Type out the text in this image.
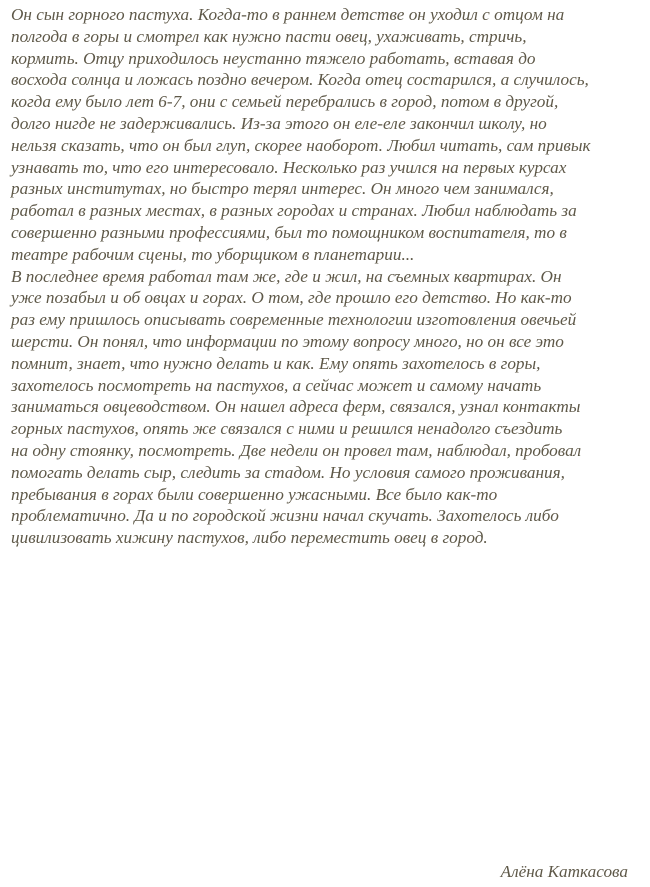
Он сын горного пастуха. Когда-то в раннем детстве он уходил с отцом на
полгода в горы и смотрел как нужно пасти овец, ухаживать, стричь,
кормить. Отцу приходилось неустанно тяжело работать, вставая до
восхода солнца и ложась поздно вечером. Когда отец состарился, а случилось,
когда ему было лет 6-7, они с семьей перебрались в город, потом в другой,
долго нигде не задерживались. Из-за этого он еле-еле закончил школу, но
нельзя сказать, что он был глуп, скорее наоборот. Любил читать, сам привык
узнавать то, что его интересовало. Несколько раз учился на первых курсах
разных институтах, но быстро терял интерес. Он много чем занимался,
работал в разных местах, в разных городах и странах. Любил наблюдать за
совершенно разными профессиями, был то помощником воспитателя, то в
театре рабочим сцены, то уборщиком в планетарии...
В последнее время работал там же, где и жил, на съемных квартирах. Он
уже позабыл и об овцах и горах. О том, где прошло его детство. Но как-то
раз ему пришлось описывать современные технологии изготовления овечьей
шерсти. Он понял, что информации по этому вопросу много, но он все это
помнит, знает, что нужно делать и как. Ему опять захотелось в горы,
захотелось посмотреть на пастухов, а сейчас может и самому начать
заниматься овцеводством. Он нашел адреса ферм, связался, узнал контакты
горных пастухов, опять же связался с ними и решился ненадолго съездить
на одну стоянку, посмотреть. Две недели он провел там, наблюдал, пробовал
помогать делать сыр, следить за стадом. Но условия самого проживания,
пребывания в горах были совершенно ужасными. Все было как-то
проблематично. Да и по городской жизни начал скучать. Захотелось либо
цивилизовать хижину пастухов, либо переместить овец в город.
Алёна Каткасова
